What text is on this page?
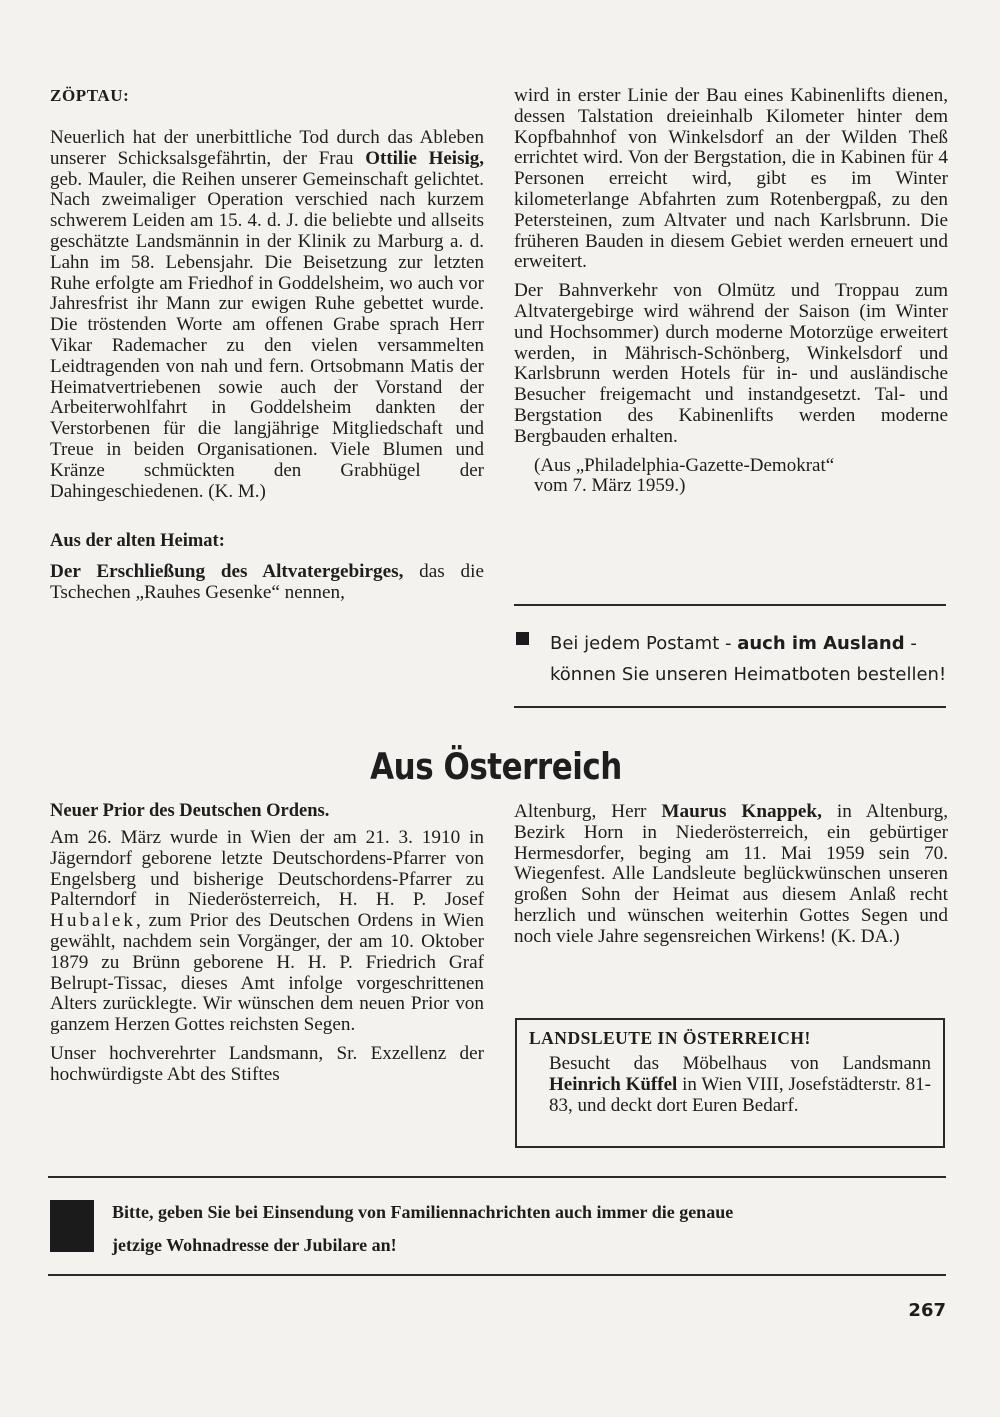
ZÖPTAU:

Neuerlich hat der unerbittliche Tod durch das Ableben unserer Schicksalsgefährtin, der Frau Ottilie Heisig, geb. Mauler, die Reihen unserer Gemeinschaft gelichtet. Nach zweimaliger Operation verschied nach kurzem schwerem Leiden am 15. 4. d. J. die beliebte und allseits geschätzte Landsmännin in der Klinik zu Marburg a. d. Lahn im 58. Lebensjahr. Die Beisetzung zur letzten Ruhe erfolgte am Friedhof in Goddelsheim, wo auch vor Jahresfrist ihr Mann zur ewigen Ruhe gebettet wurde. Die tröstenden Worte am offenen Grabe sprach Herr Vikar Rademacher zu den vielen versammelten Leidtragenden von nah und fern. Ortsobmann Matis der Heimatvertriebenen sowie auch der Vorstand der Arbeiterwohlfahrt in Goddelsheim dankten der Verstorbenen für die langjährige Mitgliedschaft und Treue in beiden Organisationen. Viele Blumen und Kränze schmückten den Grabhügel der Dahingeschiedenen. (K. M.)

Aus der alten Heimat:

Der Erschließung des Altvatergebirges, das die Tschechen „Rauhes Gesenke“ nennen,

wird in erster Linie der Bau eines Kabinenlifts dienen, dessen Talstation dreieinhalb Kilometer hinter dem Kopfbahnhof von Winkelsdorf an der Wilden Theß errichtet wird. Von der Bergstation, die in Kabinen für 4 Personen erreicht wird, gibt es im Winter kilometerlange Abfahrten zum Rotenbergpaß, zu den Petersteinen, zum Altvater und nach Karlsbrunn. Die früheren Bauden in diesem Gebiet werden erneuert und erweitert.

Der Bahnverkehr von Olmütz und Troppau zum Altvatergebirge wird während der Saison (im Winter und Hochsommer) durch moderne Motorzüge erweitert werden, in Mährisch-Schönberg, Winkelsdorf und Karlsbrunn werden Hotels für in- und ausländische Besucher freigemacht und instandgesetzt. Tal- und Bergstation des Kabinenlifts werden moderne Bergbauden erhalten.

(Aus „Philadelphia-Gazette-Demokrat“
vom 7. März 1959.)

Bei jedem Postamt - auch im Ausland -
können Sie unseren Heimatboten bestellen!
Aus Österreich

Neuer Prior des Deutschen Ordens.

Am 26. März wurde in Wien der am 21. 3. 1910 in Jägerndorf geborene letzte Deutschordens-Pfarrer von Engelsberg und bisherige Deutschordens-Pfarrer zu Palterndorf in Niederösterreich, H. H. P. Josef Hubalek, zum Prior des Deutschen Ordens in Wien gewählt, nachdem sein Vorgänger, der am 10. Oktober 1879 zu Brünn geborene H. H. P. Friedrich Graf Belrupt-Tissac, dieses Amt infolge vorgeschrittenen Alters zurücklegte. Wir wünschen dem neuen Prior von ganzem Herzen Gottes reichsten Segen.

Unser hochverehrter Landsmann, Sr. Exzellenz der hochwürdigste Abt des Stiftes

Altenburg, Herr Maurus Knappek, in Altenburg, Bezirk Horn in Niederösterreich, ein gebürtiger Hermesdorfer, beging am 11. Mai 1959 sein 70. Wiegenfest. Alle Landsleute beglückwünschen unseren großen Sohn der Heimat aus diesem Anlaß recht herzlich und wünschen weiterhin Gottes Segen und noch viele Jahre segensreichen Wirkens! (K. DA.)

LANDSLEUTE IN ÖSTERREICH!

Besucht das Möbelhaus von Landsmann Heinrich Küffel in Wien VIII, Josefstädterstr. 81-83, und deckt dort Euren Bedarf.

Bitte, geben Sie bei Einsendung von Familiennachrichten auch immer die genaue
jetzige Wohnadresse der Jubilare an!
267
